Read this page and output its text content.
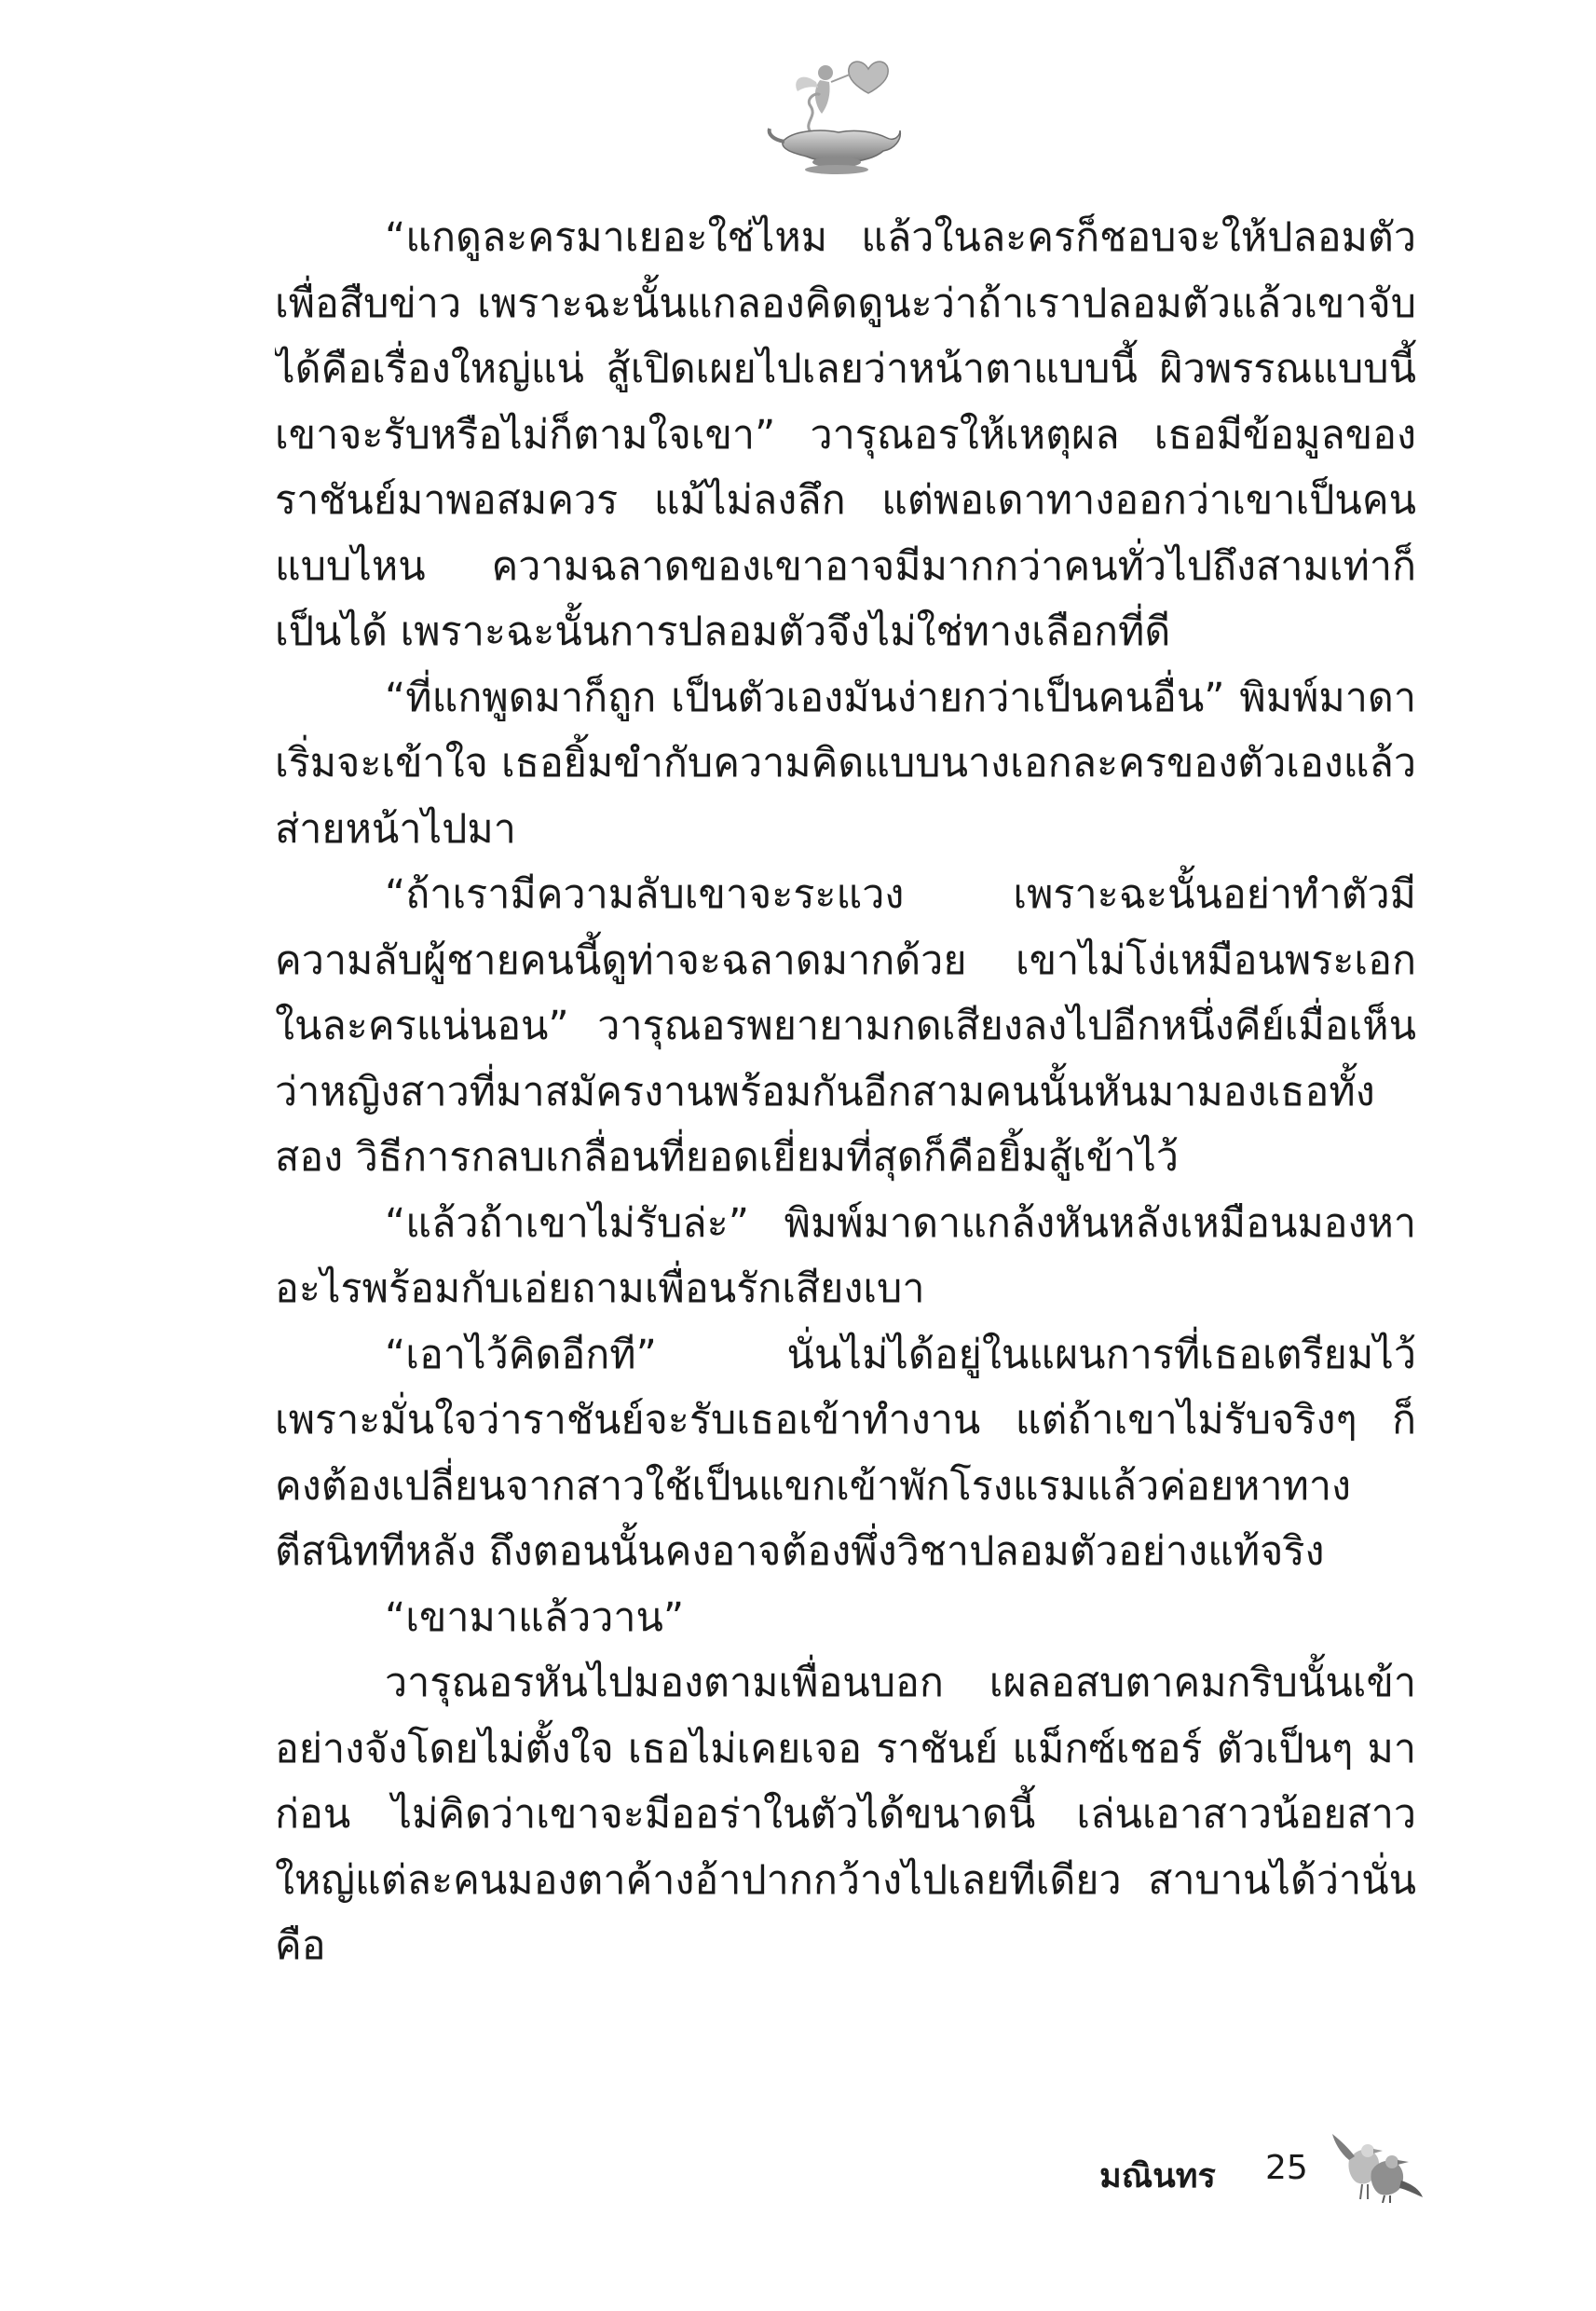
“แกดูละครมาเยอะใช่ไหม แล้วในละครก็ชอบจะให้ปลอมตัวเพื่อสืบข่าว เพราะฉะนั้นแกลองคิดดูนะว่าถ้าเราปลอมตัวแล้วเขาจับได้คือเรื่องใหญ่แน่ สู้เปิดเผยไปเลยว่าหน้าตาแบบนี้ ผิวพรรณแบบนี้เขาจะรับหรือไม่ก็ตามใจเขา” วารุณอรให้เหตุผล เธอมีข้อมูลของราชันย์มาพอสมควร แม้ไม่ลงลึก แต่พอเดาทางออกว่าเขาเป็นคนแบบไหน ความฉลาดของเขาอาจมีมากกว่าคนทั่วไปถึงสามเท่าก็เป็นได้ เพราะฉะนั้นการปลอมตัวจึงไม่ใช่ทางเลือกที่ดี

“ที่แกพูดมาก็ถูก เป็นตัวเองมันง่ายกว่าเป็นคนอื่น” พิมพ์มาดาเริ่มจะเข้าใจ เธอยิ้มขำกับความคิดแบบนางเอกละครของตัวเองแล้วส่ายหน้าไปมา

“ถ้าเรามีความลับเขาจะระแวง เพราะฉะนั้นอย่าทำตัวมีความลับผู้ชายคนนี้ดูท่าจะฉลาดมากด้วย เขาไม่โง่เหมือนพระเอกในละครแน่นอน” วารุณอรพยายามกดเสียงลงไปอีกหนึ่งคีย์เมื่อเห็นว่าหญิงสาวที่มาสมัครงานพร้อมกันอีกสามคนนั้นหันมามองเธอทั้งสอง วิธีการกลบเกลื่อนที่ยอดเยี่ยมที่สุดก็คือยิ้มสู้เข้าไว้

“แล้วถ้าเขาไม่รับล่ะ” พิมพ์มาดาแกล้งหันหลังเหมือนมองหาอะไรพร้อมกับเอ่ยถามเพื่อนรักเสียงเบา

“เอาไว้คิดอีกที” นั่นไม่ได้อยู่ในแผนการที่เธอเตรียมไว้ เพราะมั่นใจว่าราชันย์จะรับเธอเข้าทำงาน แต่ถ้าเขาไม่รับจริงๆ ก็คงต้องเปลี่ยนจากสาวใช้เป็นแขกเข้าพักโรงแรมแล้วค่อยหาทางตีสนิททีหลัง ถึงตอนนั้นคงอาจต้องพึ่งวิชาปลอมตัวอย่างแท้จริง

“เขามาแล้ววาน”

วารุณอรหันไปมองตามเพื่อนบอก เผลอสบตาคมกริบนั้นเข้าอย่างจังโดยไม่ตั้งใจ เธอไม่เคยเจอ ราชันย์ แม็กซ์เชอร์ ตัวเป็นๆ มาก่อน ไม่คิดว่าเขาจะมีออร่าในตัวได้ขนาดนี้ เล่นเอาสาวน้อยสาวใหญ่แต่ละคนมองตาค้างอ้าปากกว้างไปเลยทีเดียว สาบานได้ว่านั่นคือ

มณินทร 25
